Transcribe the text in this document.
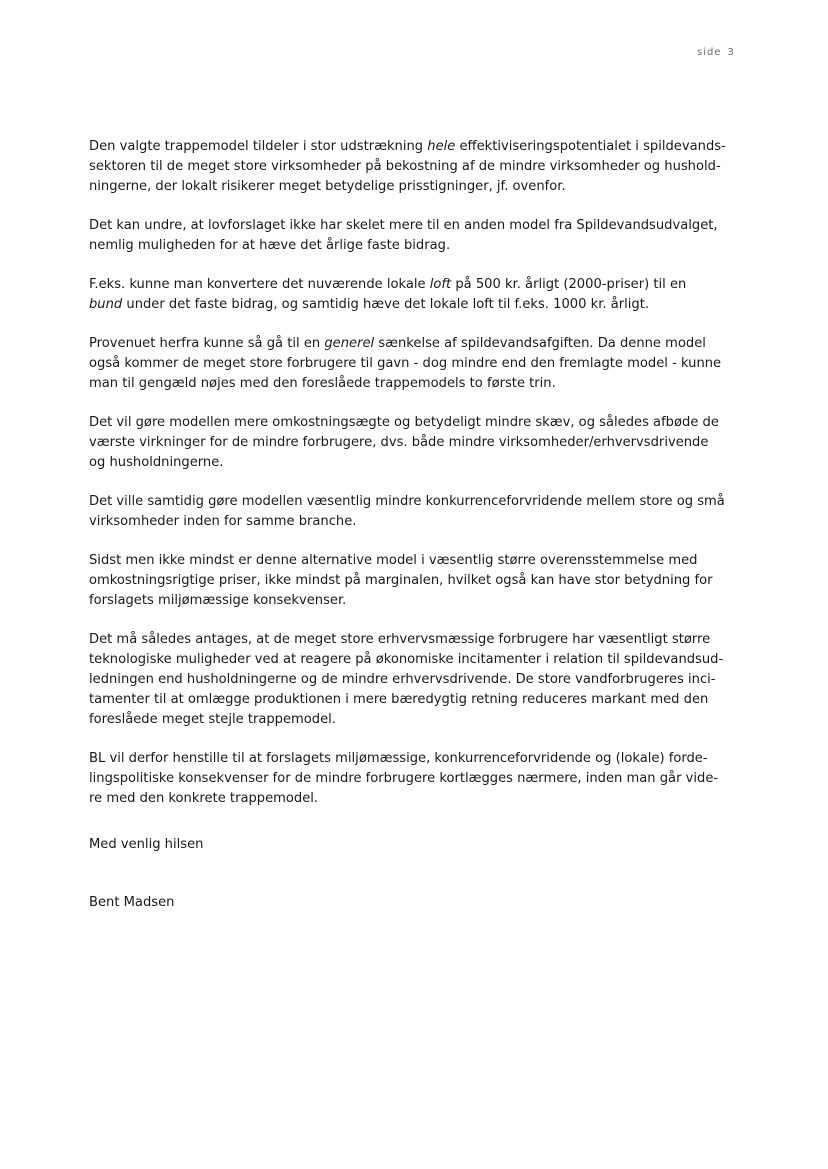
side 3

Den valgte trappemodel tildeler i stor udstrækning hele effektiviseringspotentialet i spildevands-
sektoren til de meget store virksomheder på bekostning af de mindre virksomheder og hushold-
ningerne, der lokalt risikerer meget betydelige prisstigninger, jf. ovenfor.

Det kan undre, at lovforslaget ikke har skelet mere til en anden model fra Spildevandsudvalget,
nemlig muligheden for at hæve det årlige faste bidrag.

F.eks. kunne man konvertere det nuværende lokale loft på 500 kr. årligt (2000-priser) til en
bund under det faste bidrag, og samtidig hæve det lokale loft til f.eks. 1000 kr. årligt.

Provenuet herfra kunne så gå til en generel sænkelse af spildevandsafgiften. Da denne model
også kommer de meget store forbrugere til gavn - dog mindre end den fremlagte model - kunne
man til gengæld nøjes med den foreslåede trappemodels to første trin.

Det vil gøre modellen mere omkostningsægte og betydeligt mindre skæv, og således afbøde de
værste virkninger for de mindre forbrugere, dvs. både mindre virksomheder/erhvervsdrivende
og husholdningerne.

Det ville samtidig gøre modellen væsentlig mindre konkurrenceforvridende mellem store og små
virksomheder inden for samme branche.

Sidst men ikke mindst er denne alternative model i væsentlig større overensstemmelse med
omkostningsrigtige priser, ikke mindst på marginalen, hvilket også kan have stor betydning for
forslagets miljømæssige konsekvenser.

Det må således antages, at de meget store erhvervsmæssige forbrugere har væsentligt større
teknologiske muligheder ved at reagere på økonomiske incitamenter i relation til spildevandsud-
ledningen end husholdningerne og de mindre erhvervsdrivende. De store vandforbrugeres inci-
tamenter til at omlægge produktionen i mere bæredygtig retning reduceres markant med den
foreslåede meget stejle trappemodel.

BL vil derfor henstille til at forslagets miljømæssige, konkurrenceforvridende og (lokale) forde-
lingspolitiske konsekvenser for de mindre forbrugere kortlægges nærmere, inden man går vide-
re med den konkrete trappemodel.

Med venlig hilsen
Bent Madsen
